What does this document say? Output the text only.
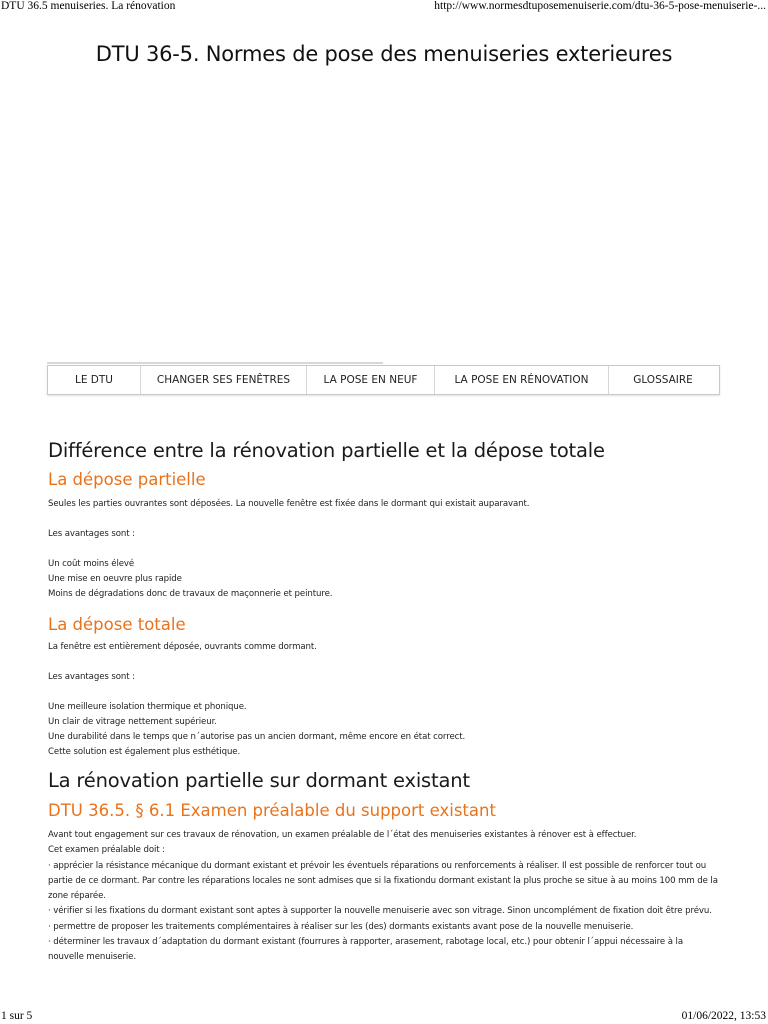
DTU 36.5 menuiseries. La rénovation	http://www.normesdtuposemenuiserie.com/dtu-36-5-pose-menuiserie-...
DTU 36-5. Normes de pose des menuiseries exterieures
LE DTU	CHANGER SES FENÊTRES	LA POSE EN NEUF	LA POSE EN RÉNOVATION	GLOSSAIRE
Différence entre la rénovation partielle et la dépose totale
La dépose partielle

Seules les parties ouvrantes sont déposées. La nouvelle fenêtre est fixée dans le dormant qui existait auparavant.

Les avantages sont :

Un coût moins élevé
Une mise en oeuvre plus rapide
Moins de dégradations donc de travaux de maçonnerie et peinture.
La dépose totale

La fenêtre est entièrement déposée, ouvrants comme dormant.

Les avantages sont :

Une meilleure isolation thermique et phonique.
Un clair de vitrage nettement supérieur.
Une durabilité dans le temps que n´autorise pas un ancien dormant, même encore en état correct.
Cette solution est également plus esthétique.
La rénovation partielle sur dormant existant
DTU 36.5. § 6.1 Examen préalable du support existant

Avant tout engagement sur ces travaux de rénovation, un examen préalable de l´état des menuiseries existantes à rénover est à effectuer.

Cet examen préalable doit :

· apprécier la résistance mécanique du dormant existant et prévoir les éventuels réparations ou renforcements à réaliser. Il est possible de renforcer tout ou partie de ce dormant. Par contre les réparations locales ne sont admises que si la fixationdu dormant existant la plus proche se situe à au moins 100 mm de la zone réparée.

· vérifier si les fixations du dormant existant sont aptes à supporter la nouvelle menuiserie avec son vitrage. Sinon uncomplément de fixation doit être prévu.

· permettre de proposer les traitements complémentaires à réaliser sur les (des) dormants existants avant pose de la nouvelle menuiserie.

· déterminer les travaux d´adaptation du dormant existant (fourrures à rapporter, arasement, rabotage local, etc.) pour obtenir l´appui nécessaire à la nouvelle menuiserie.

1 sur 5	01/06/2022, 13:53
